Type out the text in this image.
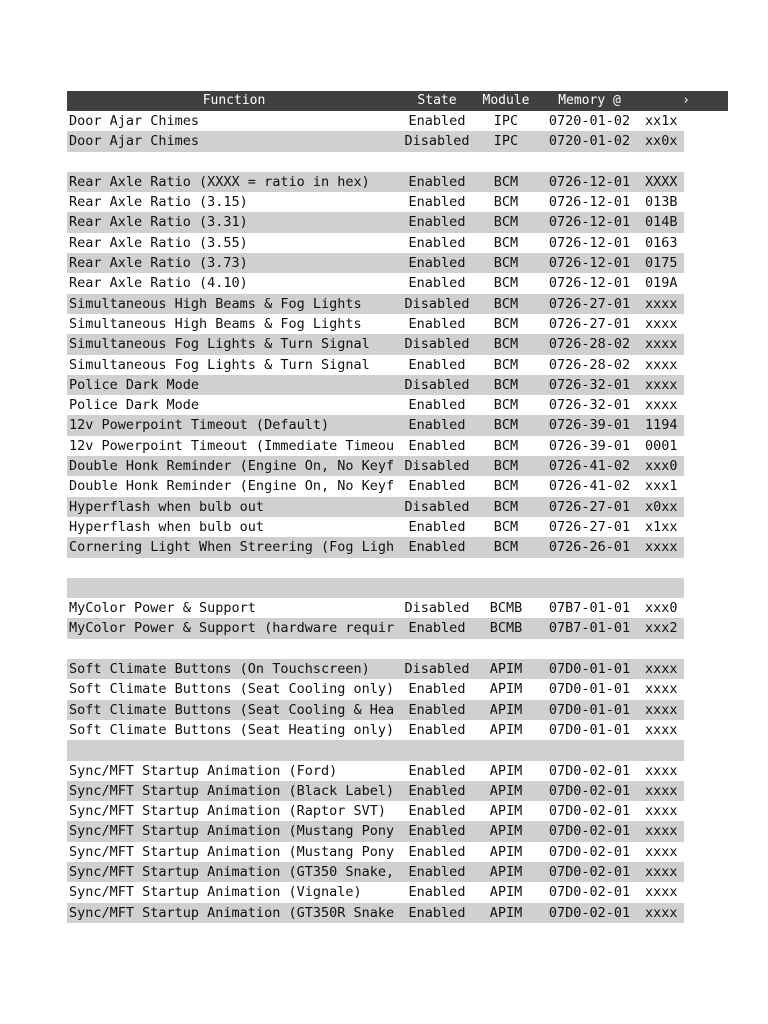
Function	State	Module	Memory @	›
Door Ajar Chimes	Enabled	IPC	0720-01-02	xx1x
Door Ajar Chimes	Disabled	IPC	0720-01-02	xx0x
Rear Axle Ratio (XXXX = ratio in hex)	Enabled	BCM	0726-12-01	XXXX
Rear Axle Ratio (3.15)	Enabled	BCM	0726-12-01	013B
Rear Axle Ratio (3.31)	Enabled	BCM	0726-12-01	014B
Rear Axle Ratio (3.55)	Enabled	BCM	0726-12-01	0163
Rear Axle Ratio (3.73)	Enabled	BCM	0726-12-01	0175
Rear Axle Ratio (4.10)	Enabled	BCM	0726-12-01	019A
Simultaneous High Beams & Fog Lights	Disabled	BCM	0726-27-01	xxxx
Simultaneous High Beams & Fog Lights	Enabled	BCM	0726-27-01	xxxx
Simultaneous Fog Lights & Turn Signal	Disabled	BCM	0726-28-02	xxxx
Simultaneous Fog Lights & Turn Signal	Enabled	BCM	0726-28-02	xxxx
Police Dark Mode	Disabled	BCM	0726-32-01	xxxx
Police Dark Mode	Enabled	BCM	0726-32-01	xxxx
12v Powerpoint Timeout (Default)	Enabled	BCM	0726-39-01	1194
12v Powerpoint Timeout (Immediate Timeou	Enabled	BCM	0726-39-01	0001
Double Honk Reminder (Engine On, No Keyf Disabled	BCM	0726-41-02	xxx0
Double Honk Reminder (Engine On, No Keyf	Enabled	BCM	0726-41-02	xxx1
Hyperflash when bulb out	Disabled	BCM	0726-27-01	x0xx
Hyperflash when bulb out	Enabled	BCM	0726-27-01	x1xx
Cornering Light When Streering (Fog Ligh	Enabled	BCM	0726-26-01	xxxx
MyColor Power & Support	Disabled	BCMB	07B7-01-01	xxx0
MyColor Power & Support (hardware requir	Enabled	BCMB	07B7-01-01	xxx2
Soft Climate Buttons (On Touchscreen)	Disabled	APIM	07D0-01-01	xxxx
Soft Climate Buttons (Seat Cooling only)	Enabled	APIM	07D0-01-01	xxxx
Soft Climate Buttons (Seat Cooling & Hea	Enabled	APIM	07D0-01-01	xxxx
Soft Climate Buttons (Seat Heating only)	Enabled	APIM	07D0-01-01	xxxx
Sync/MFT Startup Animation (Ford)	Enabled	APIM	07D0-02-01	xxxx
Sync/MFT Startup Animation (Black Label)	Enabled	APIM	07D0-02-01	xxxx
Sync/MFT Startup Animation (Raptor SVT)	Enabled	APIM	07D0-02-01	xxxx
Sync/MFT Startup Animation (Mustang Pony	Enabled	APIM	07D0-02-01	xxxx
Sync/MFT Startup Animation (Mustang Pony	Enabled	APIM	07D0-02-01	xxxx
Sync/MFT Startup Animation (GT350 Snake,	Enabled	APIM	07D0-02-01	xxxx
Sync/MFT Startup Animation (Vignale)	Enabled	APIM	07D0-02-01	xxxx
Sync/MFT Startup Animation (GT350R Snake	Enabled	APIM	07D0-02-01	xxxx
